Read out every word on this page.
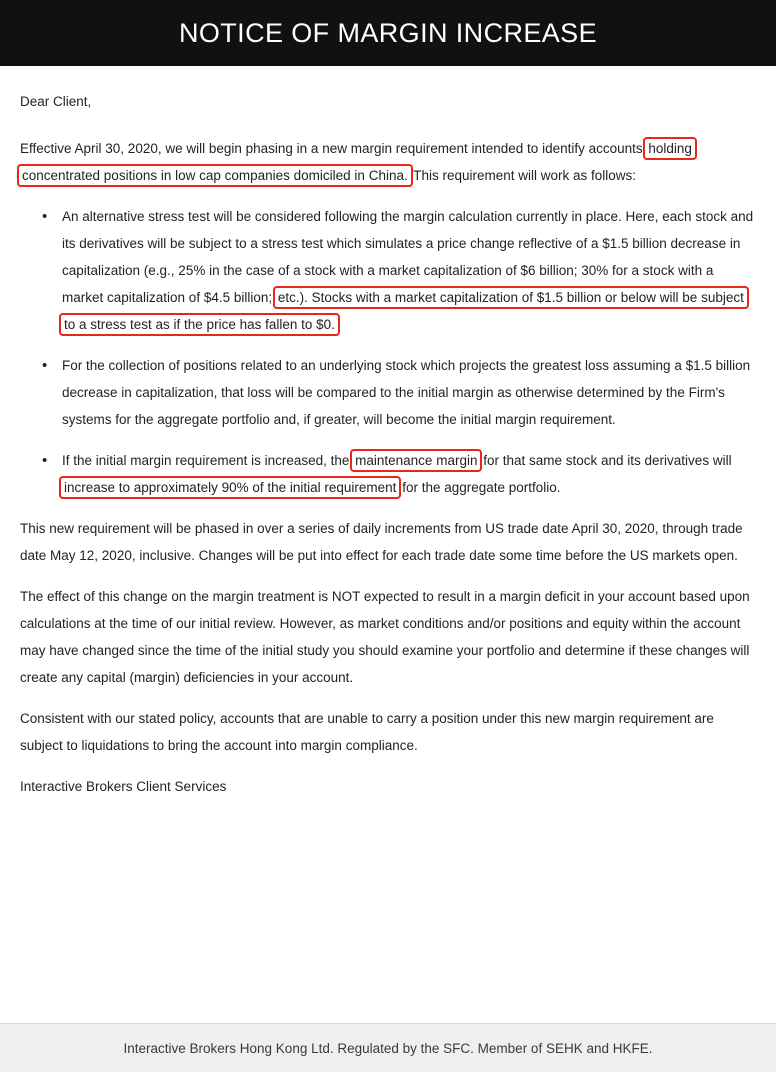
NOTICE OF MARGIN INCREASE

Dear Client,

Effective April 30, 2020, we will begin phasing in a new margin requirement intended to identify accounts holding concentrated positions in low cap companies domiciled in China. This requirement will work as follows:

• An alternative stress test will be considered following the margin calculation currently in place. Here, each stock and its derivatives will be subject to a stress test which simulates a price change reflective of a $1.5 billion decrease in capitalization (e.g., 25% in the case of a stock with a market capitalization of $6 billion; 30% for a stock with a market capitalization of $4.5 billion; etc.). Stocks with a market capitalization of $1.5 billion or below will be subject to a stress test as if the price has fallen to $0.
• For the collection of positions related to an underlying stock which projects the greatest loss assuming a $1.5 billion decrease in capitalization, that loss will be compared to the initial margin as otherwise determined by the Firm's systems for the aggregate portfolio and, if greater, will become the initial margin requirement.
• If the initial margin requirement is increased, the maintenance margin for that same stock and its derivatives will increase to approximately 90% of the initial requirement for the aggregate portfolio.

This new requirement will be phased in over a series of daily increments from US trade date April 30, 2020, through trade date May 12, 2020, inclusive. Changes will be put into effect for each trade date some time before the US markets open.

The effect of this change on the margin treatment is NOT expected to result in a margin deficit in your account based upon calculations at the time of our initial review. However, as market conditions and/or positions and equity within the account may have changed since the time of the initial study you should examine your portfolio and determine if these changes will create any capital (margin) deficiencies in your account.

Consistent with our stated policy, accounts that are unable to carry a position under this new margin requirement are subject to liquidations to bring the account into margin compliance.

Interactive Brokers Client Services

Interactive Brokers Hong Kong Ltd. Regulated by the SFC. Member of SEHK and HKFE.
